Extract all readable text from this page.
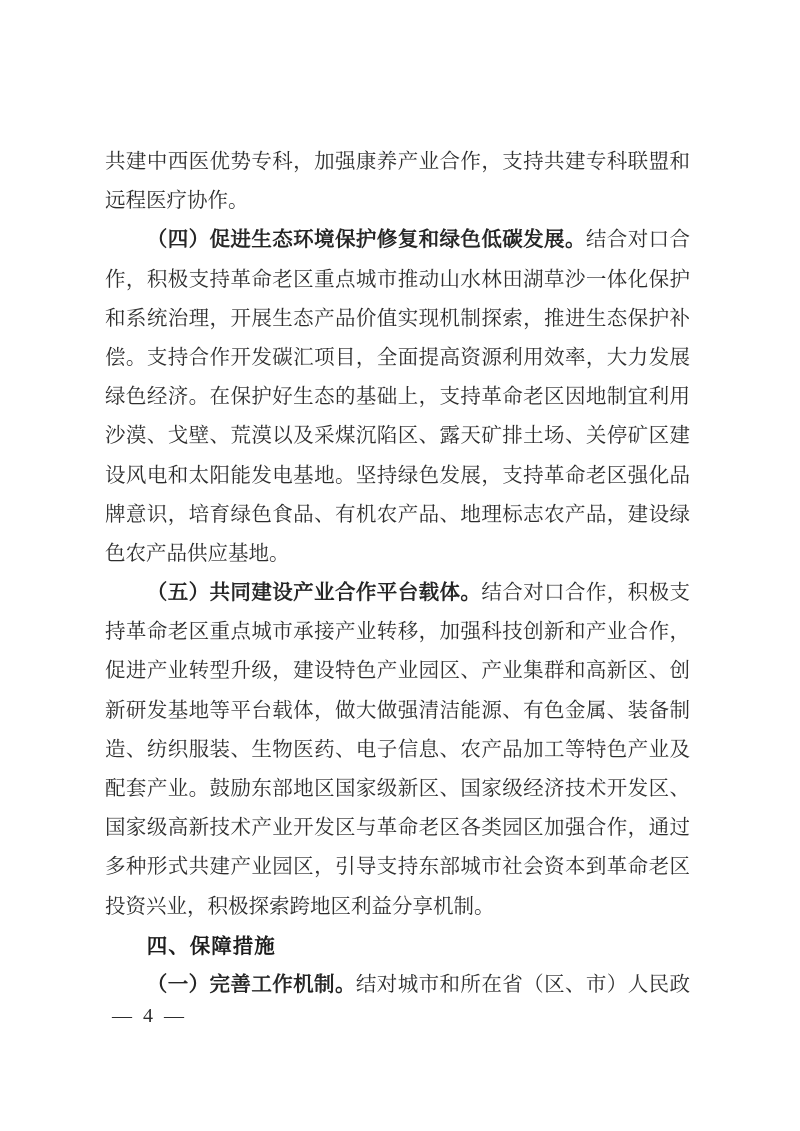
共建中西医优势专科，加强康养产业合作，支持共建专科联盟和
远程医疗协作。
（四）促进生态环境保护修复和绿色低碳发展。结合对口合
作，积极支持革命老区重点城市推动山水林田湖草沙一体化保护
和系统治理，开展生态产品价值实现机制探索，推进生态保护补
偿。支持合作开发碳汇项目，全面提高资源利用效率，大力发展
绿色经济。在保护好生态的基础上，支持革命老区因地制宜利用
沙漠、戈壁、荒漠以及采煤沉陷区、露天矿排土场、关停矿区建
设风电和太阳能发电基地。坚持绿色发展，支持革命老区强化品
牌意识，培育绿色食品、有机农产品、地理标志农产品，建设绿
色农产品供应基地。
（五）共同建设产业合作平台载体。结合对口合作，积极支
持革命老区重点城市承接产业转移，加强科技创新和产业合作，
促进产业转型升级，建设特色产业园区、产业集群和高新区、创
新研发基地等平台载体，做大做强清洁能源、有色金属、装备制
造、纺织服装、生物医药、电子信息、农产品加工等特色产业及
配套产业。鼓励东部地区国家级新区、国家级经济技术开发区、
国家级高新技术产业开发区与革命老区各类园区加强合作，通过
多种形式共建产业园区，引导支持东部城市社会资本到革命老区
投资兴业，积极探索跨地区利益分享机制。
四、保障措施
（一）完善工作机制。结对城市和所在省（区、市）人民政
— 4 —
